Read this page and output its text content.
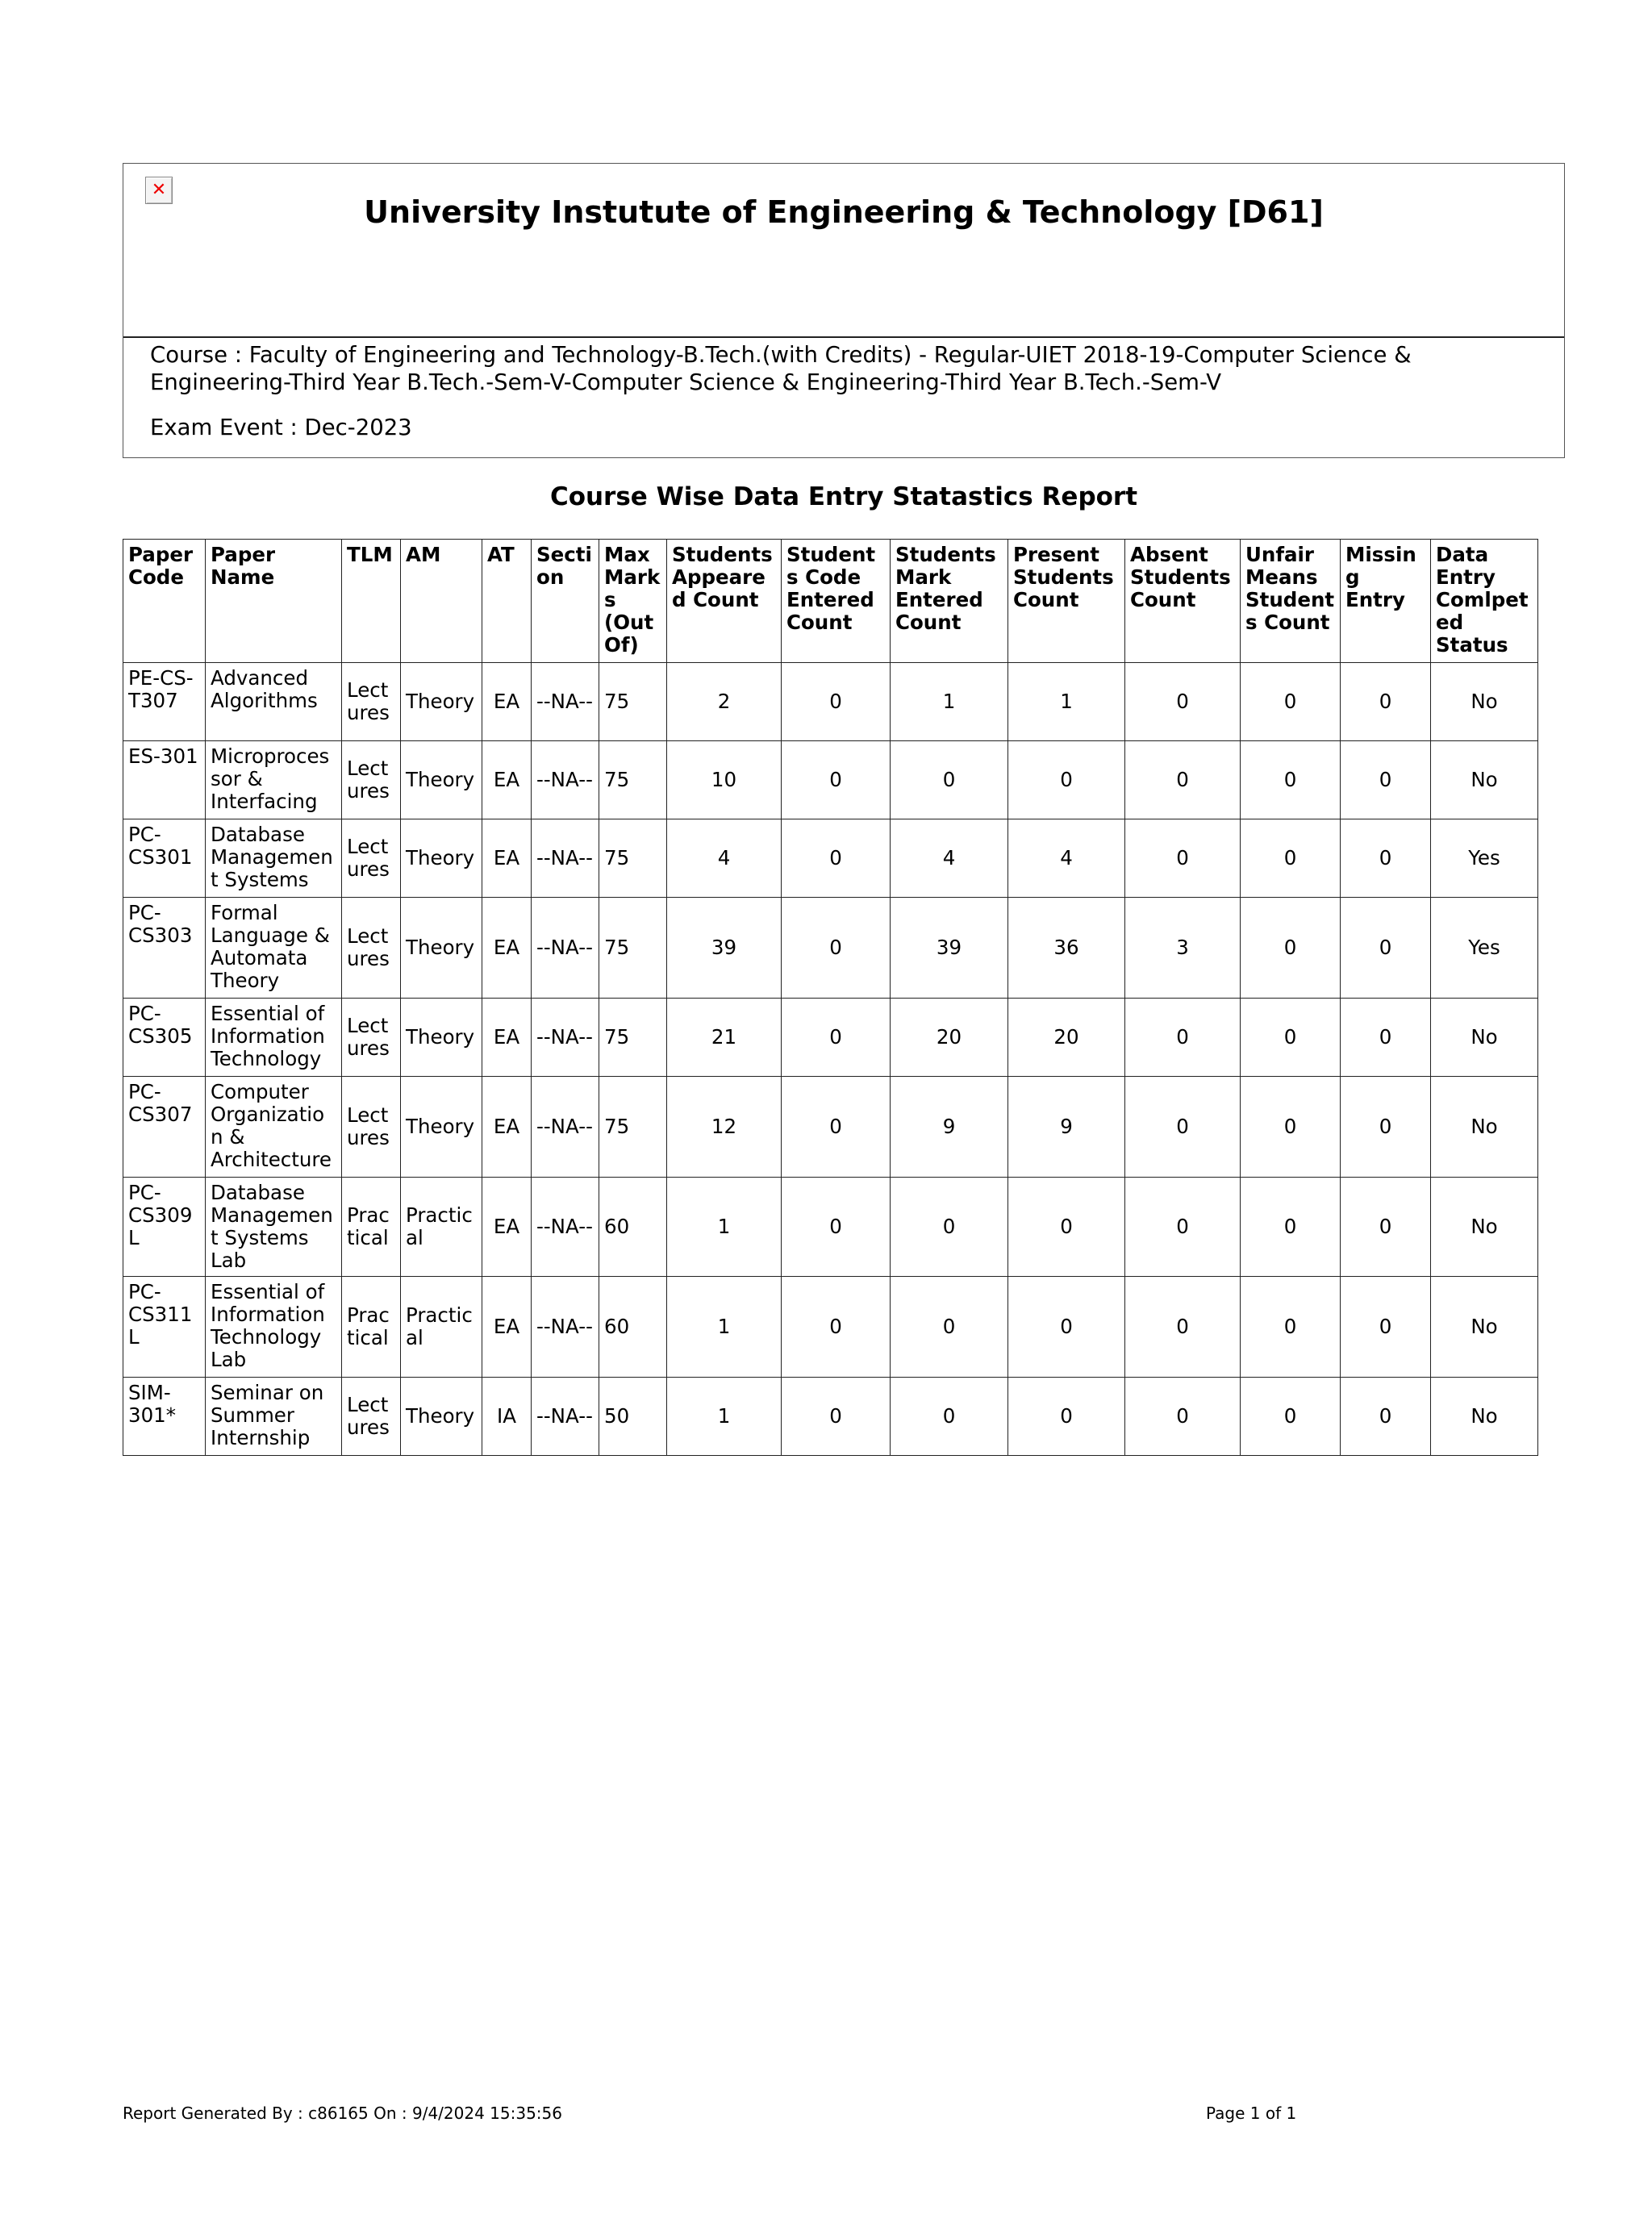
✕
University Instutute of Engineering & Technology [D61]

Course : Faculty of Engineering and Technology-B.Tech.(with Credits) - Regular-UIET 2018-19-Computer Science & Engineering-Third Year B.Tech.-Sem-V-Computer Science & Engineering-Third Year B.Tech.-Sem-V

Exam Event : Dec-2023

Course Wise Data Entry Statastics Report
Paper Code	Paper Name	TLM	AM	AT	Section	Max Marks (Out Of)	Students Appeared Count	Students Code Entered Count	Students Mark Entered Count	Present Students Count	Absent Students Count	Unfair Means Students Count	Missing Entry	Data Entry Comlpeted Status
PE-CS-T307	Advanced Algorithms	Lectures	Theory	EA	--NA--	75	2	0	1	1	0	0	0	No
ES-301	Microprocessor & Interfacing	Lectures	Theory	EA	--NA--	75	10	0	0	0	0	0	0	No
PC-CS301	Database Management Systems	Lectures	Theory	EA	--NA--	75	4	0	4	4	0	0	0	Yes
PC-CS303	Formal Language & Automata Theory	Lectures	Theory	EA	--NA--	75	39	0	39	36	3	0	0	Yes
PC-CS305	Essential of Information Technology	Lectures	Theory	EA	--NA--	75	21	0	20	20	0	0	0	No
PC-CS307	Computer Organization & Architecture	Lectures	Theory	EA	--NA--	75	12	0	9	9	0	0	0	No
PC-CS309L	Database Management Systems Lab	Practical	Practical	EA	--NA--	60	1	0	0	0	0	0	0	No
PC-CS311L	Essential of Information Technology Lab	Practical	Practical	EA	--NA--	60	1	0	0	0	0	0	0	No
SIM-301*	Seminar on Summer Internship	Lectures	Theory	IA	--NA--	50	1	0	0	0	0	0	0	No
Report Generated By : c86165 On : 9/4/2024 15:35:56	Page 1 of 1
